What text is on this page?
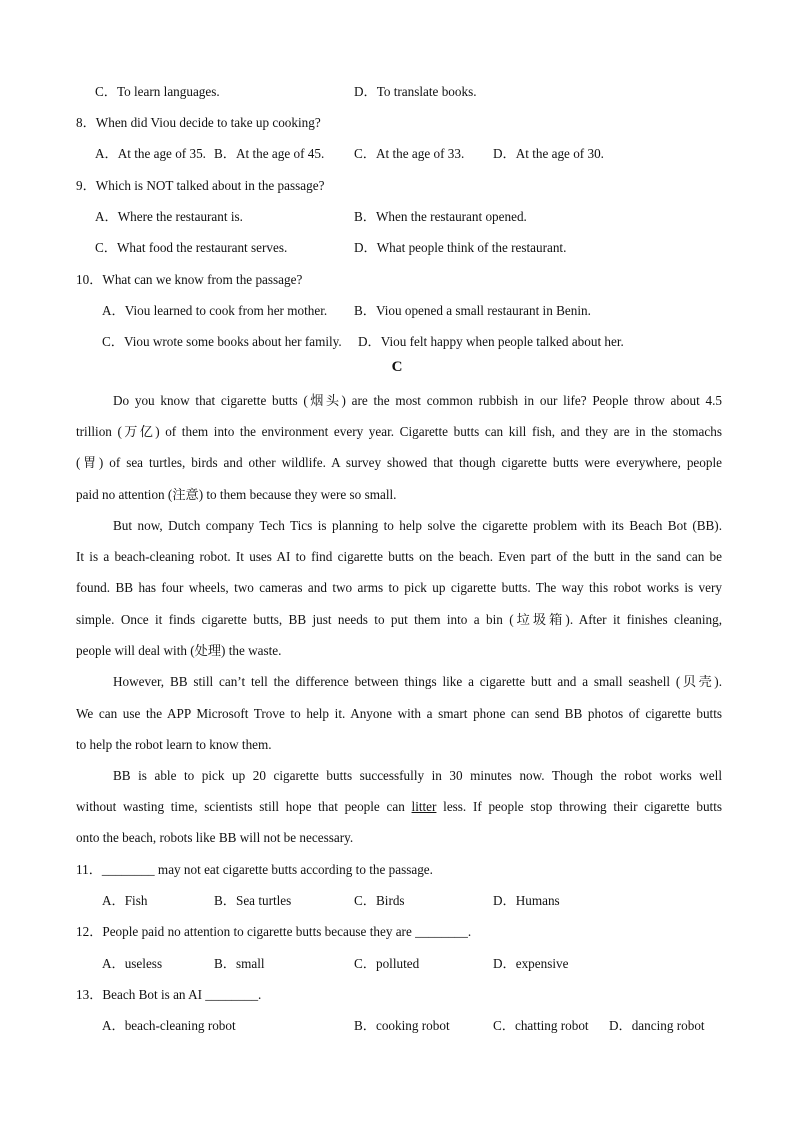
C．To learn languages.	D．To translate books.
8．When did Viou decide to take up cooking?
A．At the age of 35. B．At the age of 45. C．At the age of 33. D．At the age of 30.
9．Which is NOT talked about in the passage?
A．Where the restaurant is.	B．When the restaurant opened.
C．What food the restaurant serves.	D．What people think of the restaurant.
10．What can we know from the passage?
A．Viou learned to cook from her mother. B．Viou opened a small restaurant in Benin.
C．Viou wrote some books about her family. D．Viou felt happy when people talked about her.
C
Do you know that cigarette butts (烟头) are the most common rubbish in our life? People throw about 4.5
trillion (万亿) of them into the environment every year. Cigarette butts can kill fish, and they are in the stomachs
(胃) of sea turtles, birds and other wildlife. A survey showed that though cigarette butts were everywhere, people
paid no attention (注意) to them because they were so small.
But now, Dutch company Tech Tics is planning to help solve the cigarette problem with its Beach Bot (BB).
It is a beach-cleaning robot. It uses AI to find cigarette butts on the beach. Even part of the butt in the sand can be
found. BB has four wheels, two cameras and two arms to pick up cigarette butts. The way this robot works is very
simple. Once it finds cigarette butts, BB just needs to put them into a bin (垃圾箱). After it finishes cleaning,
people will deal with (处理) the waste.
However, BB still can’t tell the difference between things like a cigarette butt and a small seashell (贝壳).
We can use the APP Microsoft Trove to help it. Anyone with a smart phone can send BB photos of cigarette butts
to help the robot learn to know them.
BB is able to pick up 20 cigarette butts successfully in 30 minutes now. Though the robot works well
without wasting time, scientists still hope that people can litter less. If people stop throwing their cigarette butts
onto the beach, robots like BB will not be necessary.
11．________ may not eat cigarette butts according to the passage.
A．Fish	B．Sea turtles	C．Birds	D．Humans
12．People paid no attention to cigarette butts because they are ________.
A．useless	B．small	C．polluted	D．expensive
13．Beach Bot is an AI ________.
A．beach-cleaning robot	B．cooking robot	C．chatting robot D．dancing robot
